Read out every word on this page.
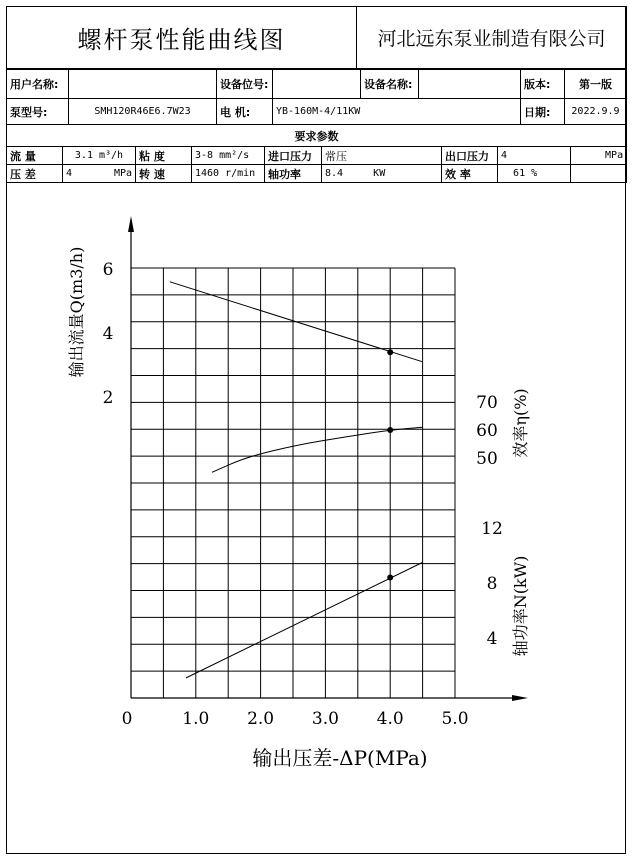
螺杆泵性能曲线图	河北远东泵业制造有限公司
用户名称:		设备位号:		设备名称:		版本:	第一版
泵型号:	SMH120R46E6.7W23	电 机:	YB-160M-4/11KW			日期:	2022.9.9
要求参数								
流 量	3.1 m³/h	粘 度	3-8 mm²/s	进口压力	常压	出口压力	4	MPa
压 差	4 MPa	转 速	1460 r/min	轴功率	8.4 KW	效 率	61 %	
0	1.0 2.0 3.0 4.0 5.0
6
4
2	70
60
50
12
8
4
输出压差-ΔP(MPa)
输出流量Q(m3/h)
效率η(%)
轴功率N(kW)
